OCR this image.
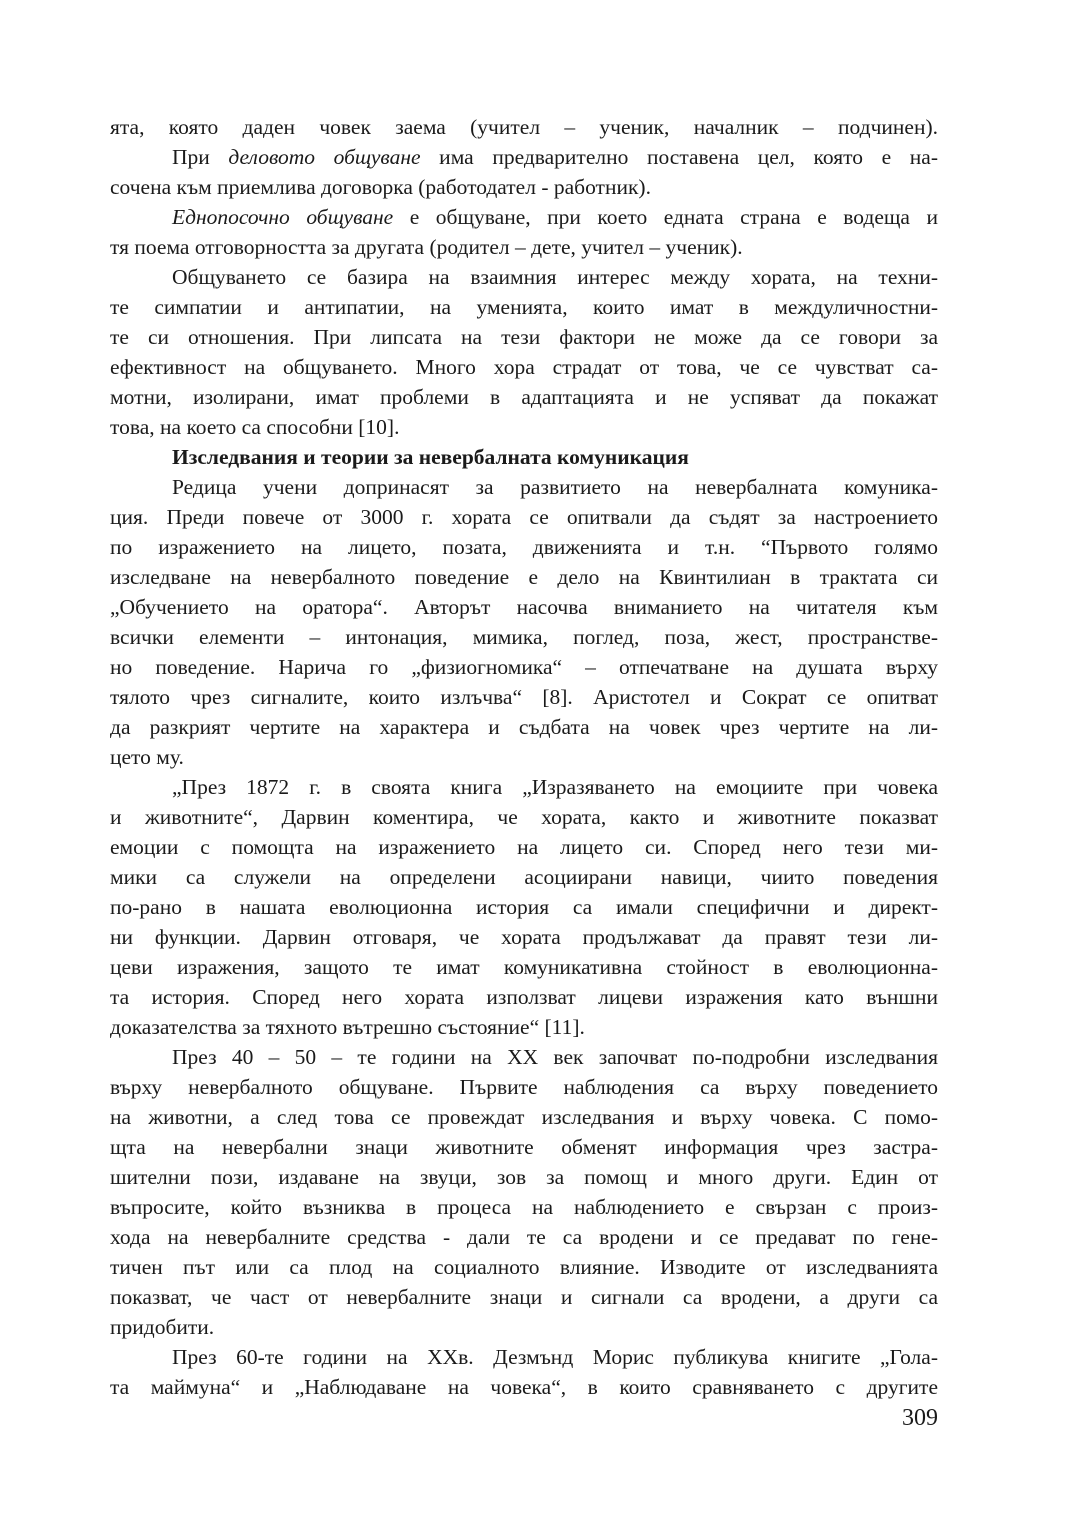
ята, която даден човек заема (учител – ученик, началник – подчинен).
При деловото общуване има предварително поставена цел, която е на-
сочена към приемлива договорка (работодател - работник).
Еднопосочно общуване е общуване, при което едната страна е водеща и
тя поема отговорността за другата (родител – дете, учител – ученик).
Общуването се базира на взаимния интерес между хората, на техни-
те симпатии и антипатии, на уменията, които имат в междуличностни-
те си отношения. При липсата на тези фактори не може да се говори за
ефективност на общуването. Много хора страдат от това, че се чувстват са-
мотни, изолирани, имат проблеми в адаптацията и не успяват да покажат
това, на което са способни [10].
Изследвания и теории за невербалната комуникация
Редица учени допринасят за развитието на невербалната комуника-
ция. Преди повече от 3000 г. хората се опитвали да съдят за настроението
по изражението на лицето, позата, движенията и т.н. “Първото голямо
изследване на невербалното поведение е дело на Квинтилиан в трактата си
„Обучението на оратора“. Авторът насочва вниманието на читателя към
всички елементи – интонация, мимика, поглед, поза, жест, пространстве-
но поведение. Нарича го „физиогномика“ – отпечатване на душата върху
тялото чрез сигналите, които излъчва“ [8]. Аристотел и Сократ се опитват
да разкрият чертите на характера и съдбата на човек чрез чертите на ли-
цето му.
„През 1872 г. в своята книга „Изразяването на емоциите при човека
и животните“, Дарвин коментира, че хората, както и животните показват
емоции с помощта на изражението на лицето си. Според него тези ми-
мики са служели на определени асоциирани навици, чиито поведения
по-рано в нашата еволюционна история са имали специфични и директ-
ни функции. Дарвин отговаря, че хората продължават да правят тези ли-
цеви изражения, защото те имат комуникативна стойност в еволюционна-
та история. Според него хората използват лицеви изражения като външни
доказателства за тяхното вътрешно състояние“ [11].
През 40 – 50 – те години на XX век започват по-подробни изследвания
върху невербалното общуване. Първите наблюдения са върху поведението
на животни, а след това се провеждат изследвания и върху човека. С помо-
щта на невербални знаци животните обменят информация чрез застра-
шителни пози, издаване на звуци, зов за помощ и много други. Един от
въпросите, който възниква в процеса на наблюдението е свързан с произ-
хода на невербалните средства - дали те са вродени и се предават по гене-
тичен път или са плод на социалното влияние. Изводите от изследванията
показват, че част от невербалните знаци и сигнали са вродени, а други са
придобити.
През 60-те години на XXв. Дезмънд Морис публикува книгите „Гола-
та маймуна“ и „Наблюдаване на човека“, в които сравняването с другите
309
